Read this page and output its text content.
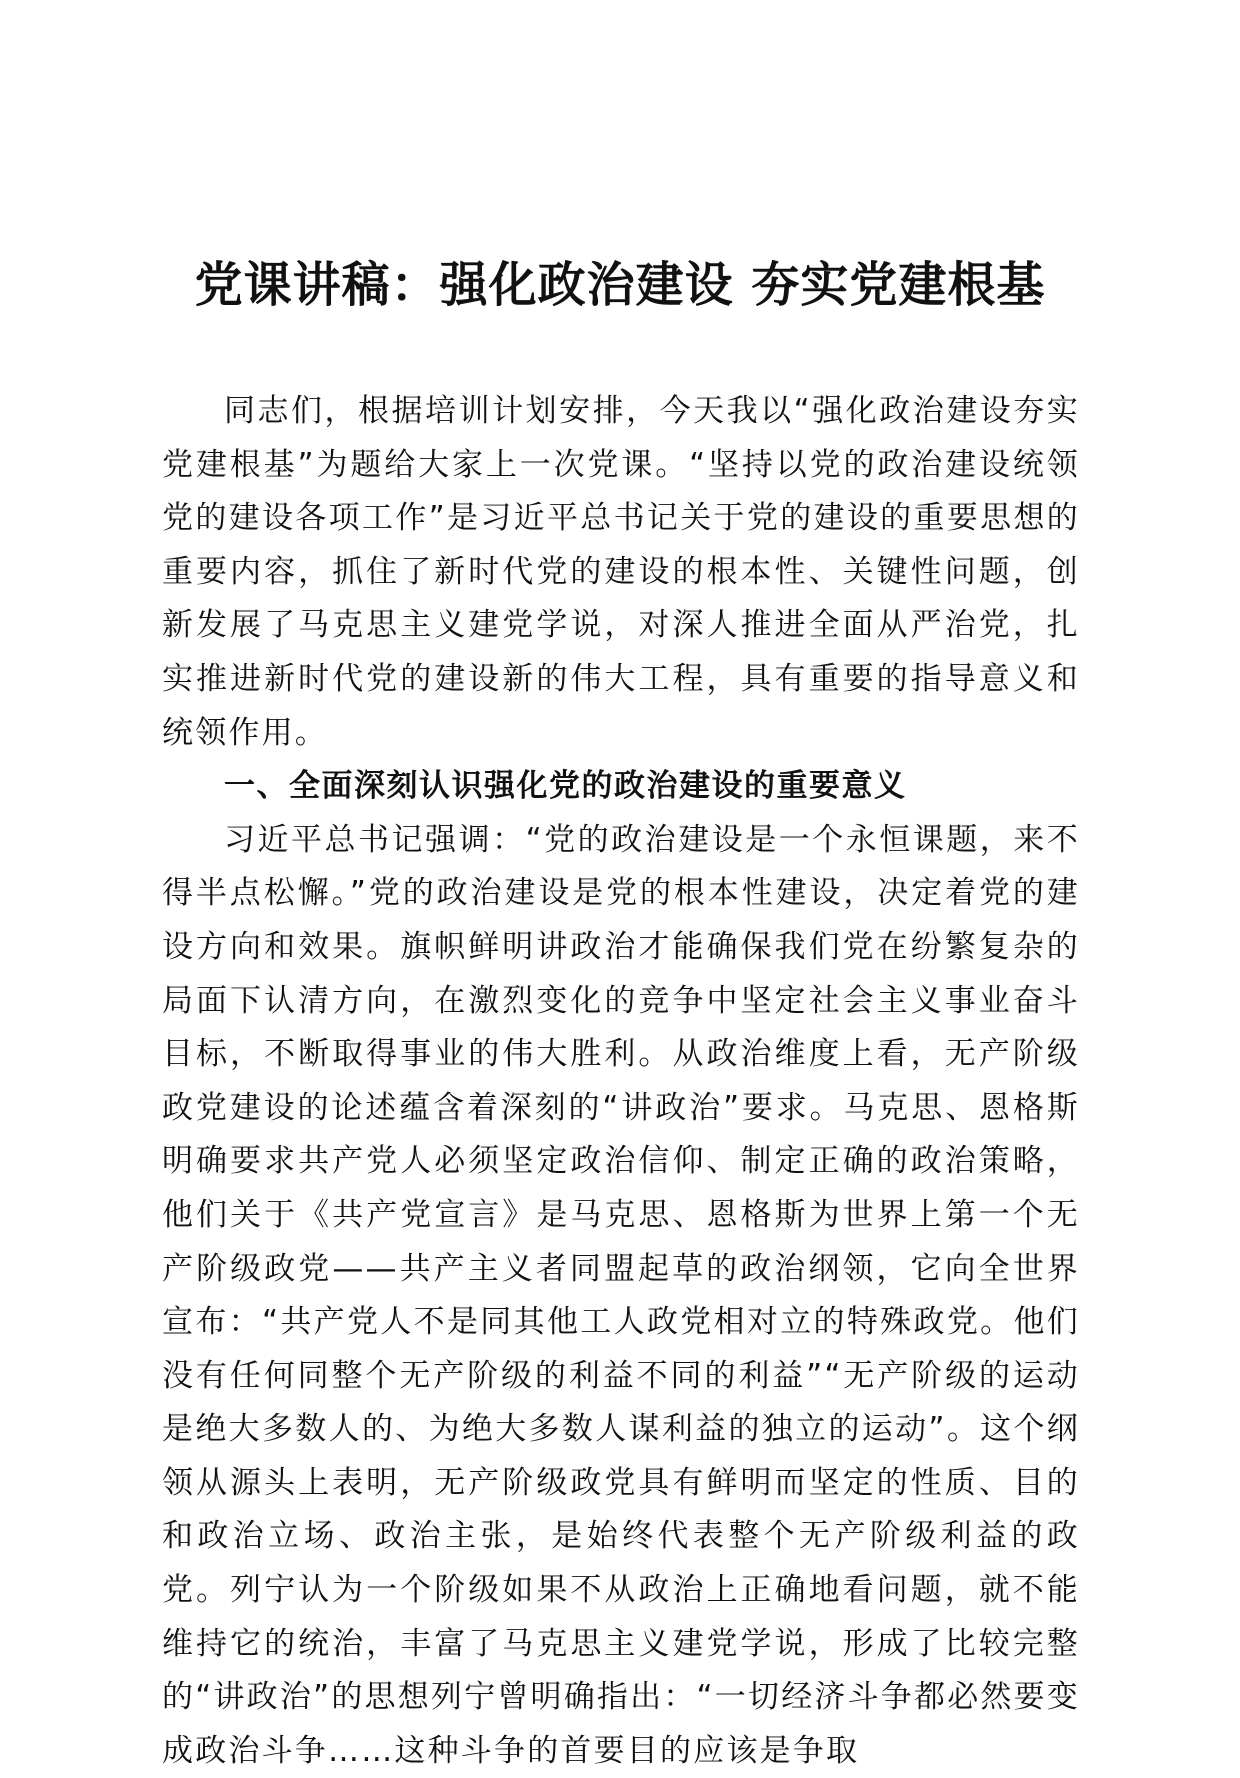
党课讲稿：强化政治建设 夯实党建根基

同志们，根据培训计划安排，今天我以“强化政治建设夯实党建根基”为题给大家上一次党课。“坚持以党的政治建设统领党的建设各项工作”是习近平总书记关于党的建设的重要思想的重要内容，抓住了新时代党的建设的根本性、关键性问题，创新发展了马克思主义建党学说，对深人推进全面从严治党，扎实推进新时代党的建设新的伟大工程，具有重要的指导意义和统领作用。

一、全面深刻认识强化党的政治建设的重要意义

习近平总书记强调：“党的政治建设是一个永恒课题，来不得半点松懈。”党的政治建设是党的根本性建设，决定着党的建设方向和效果。旗帜鲜明讲政治才能确保我们党在纷繁复杂的局面下认清方向，在激烈变化的竞争中坚定社会主义事业奋斗目标，不断取得事业的伟大胜利。从政治维度上看，无产阶级政党建设的论述蕴含着深刻的“讲政治”要求。马克思、恩格斯明确要求共产党人必须坚定政治信仰、制定正确的政治策略，他们关于《共产党宣言》是马克思、恩格斯为世界上第一个无产阶级政党——共产主义者同盟起草的政治纲领，它向全世界宣布：“共产党人不是同其他工人政党相对立的特殊政党。他们没有任何同整个无产阶级的利益不同的利益”“无产阶级的运动是绝大多数人的、为绝大多数人谋利益的独立的运动”。这个纲领从源头上表明，无产阶级政党具有鲜明而坚定的性质、目的和政治立场、政治主张，是始终代表整个无产阶级利益的政党。列宁认为一个阶级如果不从政治上正确地看问题，就不能维持它的统治，丰富了马克思主义建党学说，形成了比较完整的“讲政治”的思想列宁曾明确指出：“一切经济斗争都必然要变成政治斗争……这种斗争的首要目的应该是争取
